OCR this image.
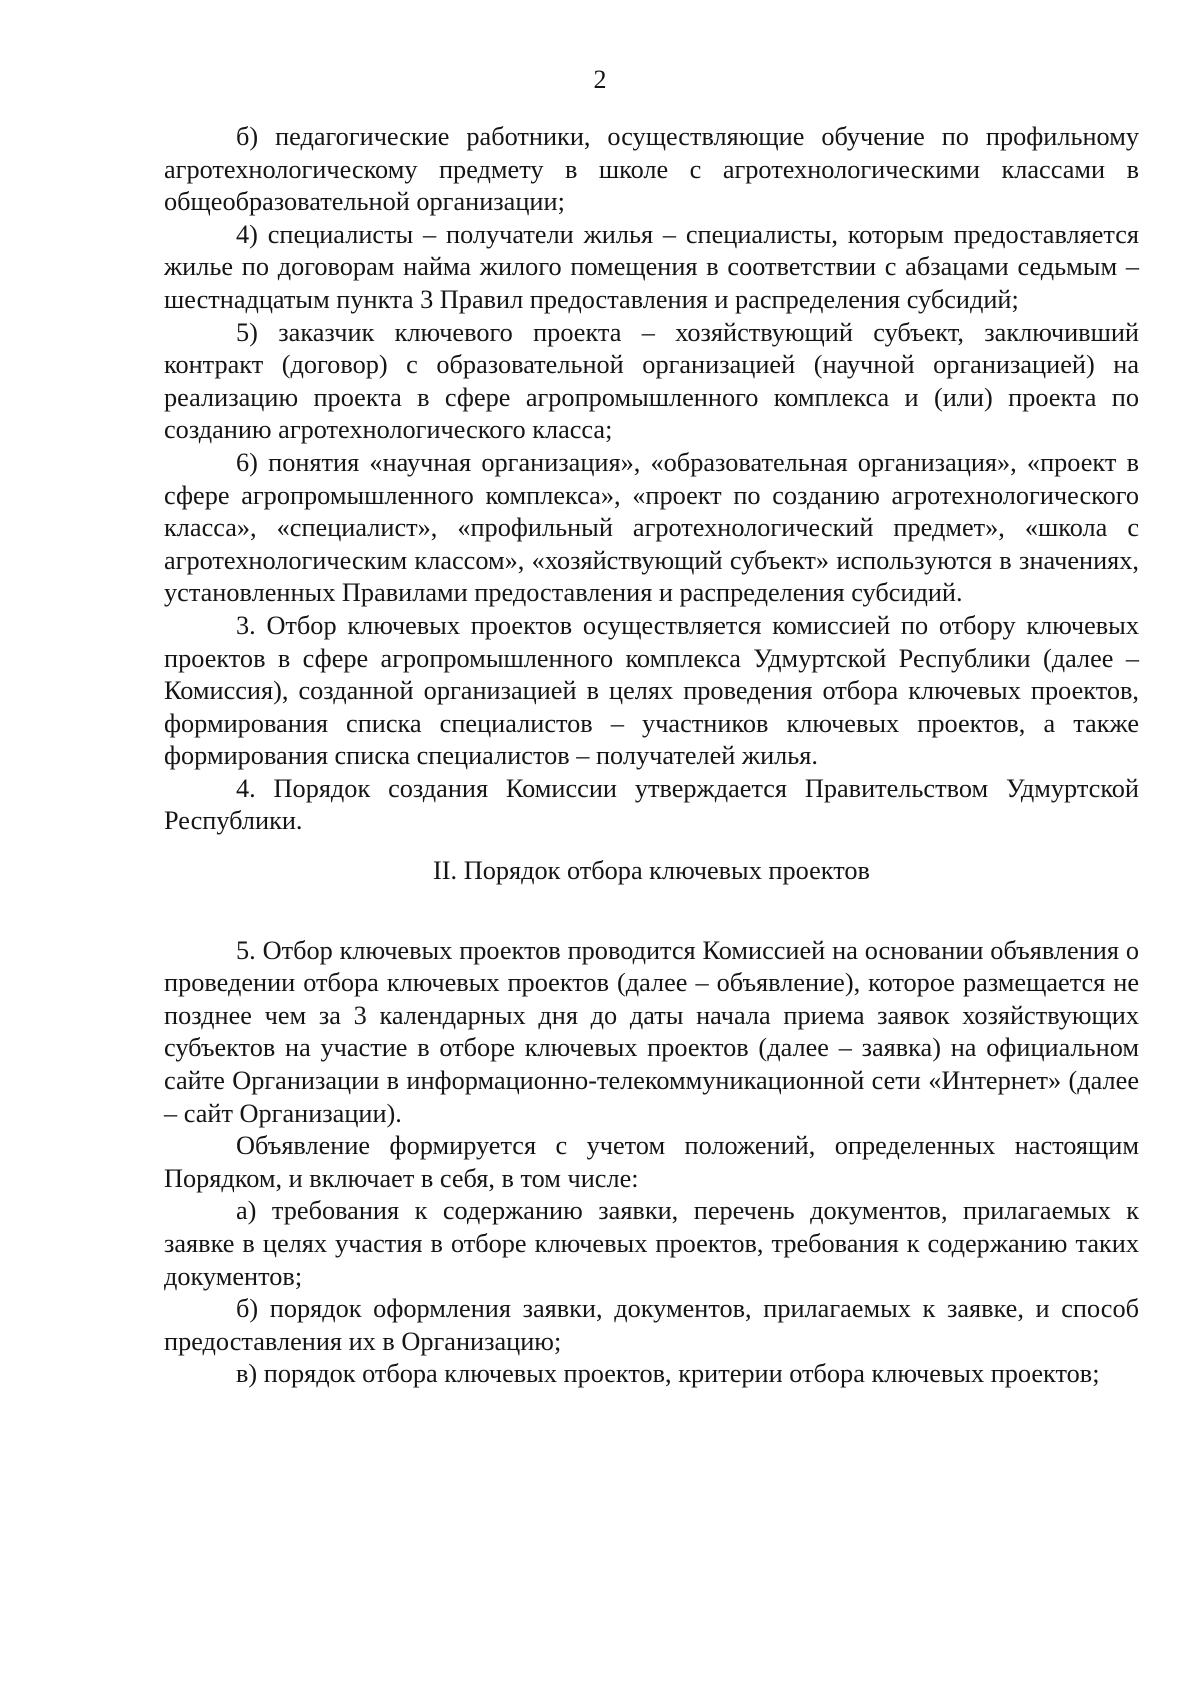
2

б) педагогические работники, осуществляющие обучение по профильному агротехнологическому предмету в школе с агротехнологическими классами в общеобразовательной организации;

4) специалисты – получатели жилья – специалисты, которым предоставляется жилье по договорам найма жилого помещения в соответствии с абзацами седьмым – шестнадцатым пункта 3 Правил предоставления и распределения субсидий;

5) заказчик ключевого проекта – хозяйствующий субъект, заключивший контракт (договор) с образовательной организацией (научной организацией) на реализацию проекта в сфере агропромышленного комплекса и (или) проекта по созданию агротехнологического класса;

6) понятия «научная организация», «образовательная организация», «проект в сфере агропромышленного комплекса», «проект по созданию агротехнологического класса», «специалист», «профильный агротехнологический предмет», «школа с агротехнологическим классом», «хозяйствующий субъект» используются в значениях, установленных Правилами предоставления и распределения субсидий.

3. Отбор ключевых проектов осуществляется комиссией по отбору ключевых проектов в сфере агропромышленного комплекса Удмуртской Республики (далее – Комиссия), созданной организацией в целях проведения отбора ключевых проектов, формирования списка специалистов – участников ключевых проектов, а также формирования списка специалистов – получателей жилья.

4. Порядок создания Комиссии утверждается Правительством Удмуртской Республики.

II. Порядок отбора ключевых проектов

5. Отбор ключевых проектов проводится Комиссией на основании объявления о проведении отбора ключевых проектов (далее – объявление), которое размещается не позднее чем за 3 календарных дня до даты начала приема заявок хозяйствующих субъектов на участие в отборе ключевых проектов (далее – заявка) на официальном сайте Организации в информационно-телекоммуникационной сети «Интернет» (далее – сайт Организации).

Объявление формируется с учетом положений, определенных настоящим Порядком, и включает в себя, в том числе:

а) требования к содержанию заявки, перечень документов, прилагаемых к заявке в целях участия в отборе ключевых проектов, требования к содержанию таких документов;

б) порядок оформления заявки, документов, прилагаемых к заявке, и способ предоставления их в Организацию;

в) порядок отбора ключевых проектов, критерии отбора ключевых проектов;
